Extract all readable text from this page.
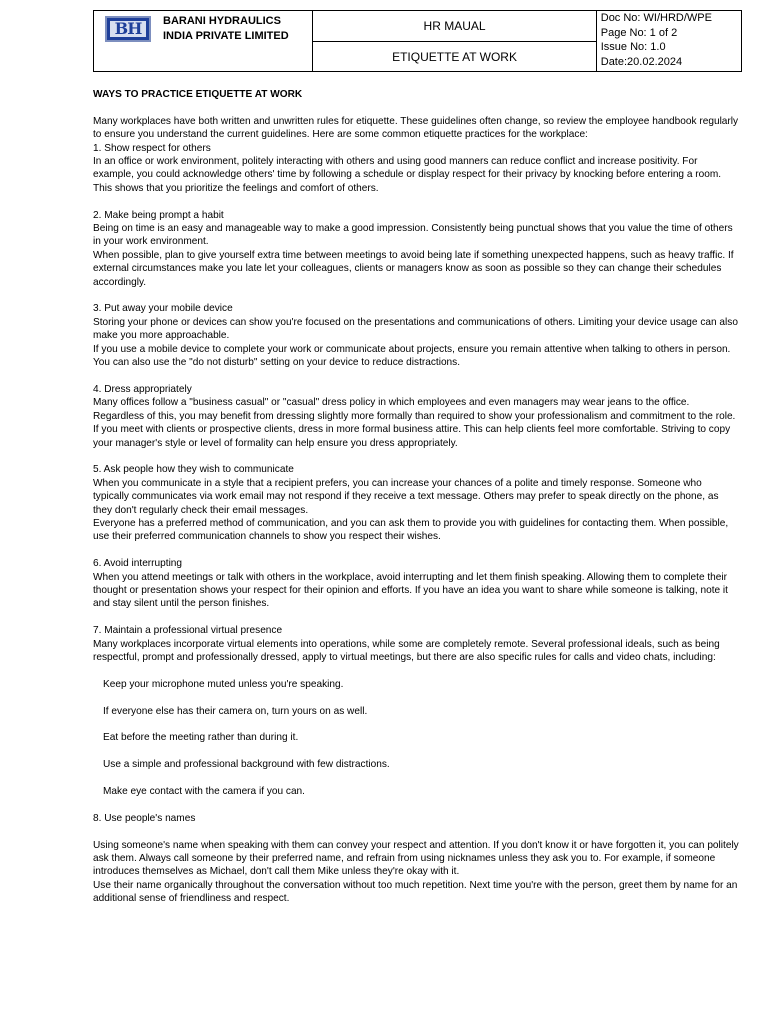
BH	BARANI HYDRAULICS
INDIA PRIVATE LIMITED
	HR MAUAL	
Doc No: WI/HRD/WPE
Page No: 1 of 2
Issue No: 1.0
Date:20.02.2024

ETIQUETTE AT WORK

WAYS TO PRACTICE ETIQUETTE AT WORK

Many workplaces have both written and unwritten rules for etiquette. These guidelines often change, so review the employee handbook regularly to ensure you understand the current guidelines. Here are some common etiquette practices for the workplace:

1. Show respect for others

In an office or work environment, politely interacting with others and using good manners can reduce conflict and increase positivity. For example, you could acknowledge others' time by following a schedule or display respect for their privacy by knocking before entering a room. This shows that you prioritize the feelings and comfort of others.

2. Make being prompt a habit

Being on time is an easy and manageable way to make a good impression. Consistently being punctual shows that you value the time of others in your work environment.

When possible, plan to give yourself extra time between meetings to avoid being late if something unexpected happens, such as heavy traffic. If external circumstances make you late let your colleagues, clients or managers know as soon as possible so they can change their schedules accordingly.

3. Put away your mobile device

Storing your phone or devices can show you're focused on the presentations and communications of others. Limiting your device usage can also make you more approachable.

If you use a mobile device to complete your work or communicate about projects, ensure you remain attentive when talking to others in person. You can also use the "do not disturb" setting on your device to reduce distractions.

4. Dress appropriately

Many offices follow a "business casual" or "casual" dress policy in which employees and even managers may wear jeans to the office. Regardless of this, you may benefit from dressing slightly more formally than required to show your professionalism and commitment to the role.

If you meet with clients or prospective clients, dress in more formal business attire. This can help clients feel more comfortable. Striving to copy your manager's style or level of formality can help ensure you dress appropriately.

5. Ask people how they wish to communicate

When you communicate in a style that a recipient prefers, you can increase your chances of a polite and timely response. Someone who typically communicates via work email may not respond if they receive a text message. Others may prefer to speak directly on the phone, as they don't regularly check their email messages.

Everyone has a preferred method of communication, and you can ask them to provide you with guidelines for contacting them. When possible, use their preferred communication channels to show you respect their wishes.

6. Avoid interrupting

When you attend meetings or talk with others in the workplace, avoid interrupting and let them finish speaking. Allowing them to complete their thought or presentation shows your respect for their opinion and efforts. If you have an idea you want to share while someone is talking, note it and stay silent until the person finishes.

7. Maintain a professional virtual presence

Many workplaces incorporate virtual elements into operations, while some are completely remote. Several professional ideals, such as being respectful, prompt and professionally dressed, apply to virtual meetings, but there are also specific rules for calls and video chats, including:

Keep your microphone muted unless you're speaking.

If everyone else has their camera on, turn yours on as well.

Eat before the meeting rather than during it.

Use a simple and professional background with few distractions.

Make eye contact with the camera if you can.

8. Use people's names

Using someone's name when speaking with them can convey your respect and attention. If you don't know it or have forgotten it, you can politely ask them. Always call someone by their preferred name, and refrain from using nicknames unless they ask you to. For example, if someone introduces themselves as Michael, don't call them Mike unless they're okay with it.

Use their name organically throughout the conversation without too much repetition. Next time you're with the person, greet them by name for an additional sense of friendliness and respect.
